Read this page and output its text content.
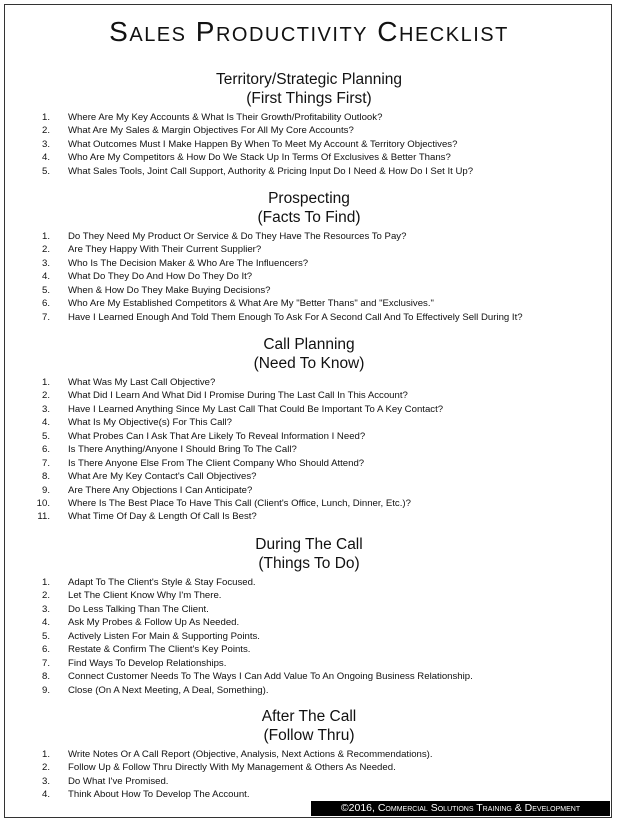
Sales Productivity Checklist
Territory/Strategic Planning
(First Things First)
1. Where Are My Key Accounts & What Is Their Growth/Profitability Outlook?
2. What Are My Sales & Margin Objectives For All My Core Accounts?
3. What Outcomes Must I Make Happen By When To Meet My Account & Territory Objectives?
4. Who Are My Competitors & How Do We Stack Up In Terms Of Exclusives & Better Thans?
5. What Sales Tools, Joint Call Support, Authority & Pricing Input Do I Need & How Do I Set It Up?
Prospecting
(Facts To Find)
1. Do They Need My Product Or Service & Do They Have The Resources To Pay?
2. Are They Happy With Their Current Supplier?
3. Who Is The Decision Maker & Who Are The Influencers?
4. What Do They Do And How Do They Do It?
5. When & How Do They Make Buying Decisions?
6. Who Are My Established Competitors & What Are My "Better Thans" and "Exclusives."
7. Have I Learned Enough And Told Them Enough To Ask For A Second Call And To Effectively Sell During It?
Call Planning
(Need To Know)
1. What Was My Last Call Objective?
2. What Did I Learn And What Did I Promise During The Last Call In This Account?
3. Have I Learned Anything Since My Last Call That Could Be Important To A Key Contact?
4. What Is My Objective(s) For This Call?
5. What Probes Can I Ask That Are Likely To Reveal Information I Need?
6. Is There Anything/Anyone I Should Bring To The Call?
7. Is There Anyone Else From The Client Company Who Should Attend?
8. What Are My Key Contact's Call Objectives?
9. Are There Any Objections I Can Anticipate?
10. Where Is The Best Place To Have This Call (Client's Office, Lunch, Dinner, Etc.)?
11. What Time Of Day & Length Of Call Is Best?
During The Call
(Things To Do)
1. Adapt To The Client's Style & Stay Focused.
2. Let The Client Know Why I'm There.
3. Do Less Talking Than The Client.
4. Ask My Probes & Follow Up As Needed.
5. Actively Listen For Main & Supporting Points.
6. Restate & Confirm The Client's Key Points.
7. Find Ways To Develop Relationships.
8. Connect Customer Needs To The Ways I Can Add Value To An Ongoing Business Relationship.
9. Close (On A Next Meeting, A Deal, Something).
After The Call
(Follow Thru)
1. Write Notes Or A Call Report (Objective, Analysis, Next Actions & Recommendations).
2. Follow Up & Follow Thru Directly With My Management & Others As Needed.
3. Do What I've Promised.
4. Think About How To Develop The Account.
©2016, Commercial Solutions Training & Development
